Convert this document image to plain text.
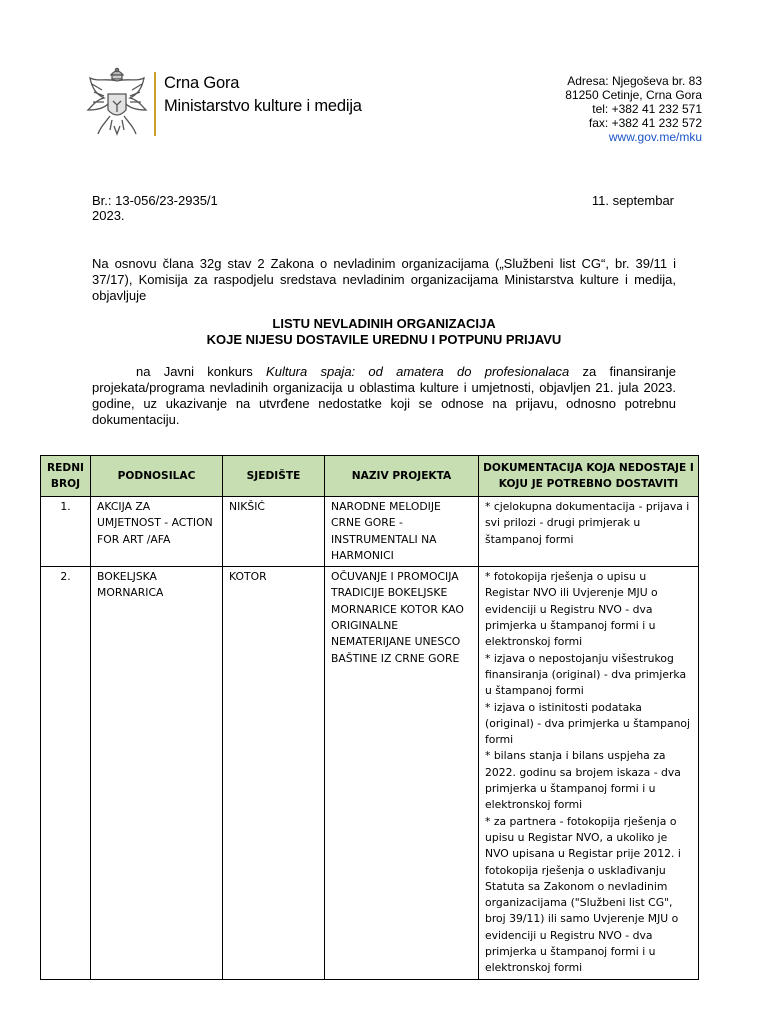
Crna Gora
Ministarstvo kulture i medija
Adresa: Njegoševa br. 83
81250 Cetinje, Crna Gora
tel: +382 41 232 571
fax: +382 41 232 572
www.gov.me/mku
Br.: 13-056/23-2935/1
2023.
11. septembar
Na osnovu člana 32g stav 2 Zakona o nevladinim organizacijama („Službeni list CG“, br. 39/11 i 37/17), Komisija za raspodjelu sredstava nevladinim organizacijama Ministarstva kulture i medija, objavljuje
LISTU NEVLADINIH ORGANIZACIJA
KOJE NIJESU DOSTAVILE UREDNU I POTPUNU PRIJAVU
na Javni konkurs Kultura spaja: od amatera do profesionalaca za finansiranje projekata/programa nevladinih organizacija u oblastima kulture i umjetnosti, objavljen 21. jula 2023. godine, uz ukazivanje na utvrđene nedostatke koji se odnose na prijavu, odnosno potrebnu dokumentaciju.
REDNI BROJ	PODNOSILAC	SJEDIŠTE	NAZIV PROJEKTA	DOKUMENTACIJA KOJA NEDOSTAJE I KOJU JE POTREBNO DOSTAVITI
1.	AKCIJA ZA UMJETNOST - ACTION FOR ART /AFA	NIKŠIĆ	NARODNE MELODIJE CRNE GORE - INSTRUMENTALI NA HARMONICI	* cjelokupna dokumentacija - prijava i svi prilozi - drugi primjerak u štampanoj formi

2.	BOKELJSKA MORNARICA	KOTOR	OČUVANJE I PROMOCIJA TRADICIJE BOKELJSKE MORNARICE KOTOR KAO ORIGINALNE NEMATERIJANE UNESCO BAŠTINE IZ CRNE GORE	* fotokopija rješenja o upisu u Registar NVO ili Uvjerenje MJU o evidenciji u Registru NVO - dva primjerka u štampanoj formi i u elektronskoj formi
* izjava o nepostojanju višestrukog finansiranja (original) - dva primjerka u štampanoj formi
* izjava o istinitosti podataka (original) - dva primjerka u štampanoj formi
* bilans stanja i bilans uspjeha za 2022. godinu sa brojem iskaza - dva primjerka u štampanoj formi i u elektronskoj formi
* za partnera - fotokopija rješenja o upisu u Registar NVO, a ukoliko je NVO upisana u Registar prije 2012. i fotokopija rješenja o usklađivanju Statuta sa Zakonom o nevladinim organizacijama ("Službeni list CG", broj 39/11) ili samo Uvjerenje MJU o evidenciji u Registru NVO - dva primjerka u štampanoj formi i u elektronskoj formi
